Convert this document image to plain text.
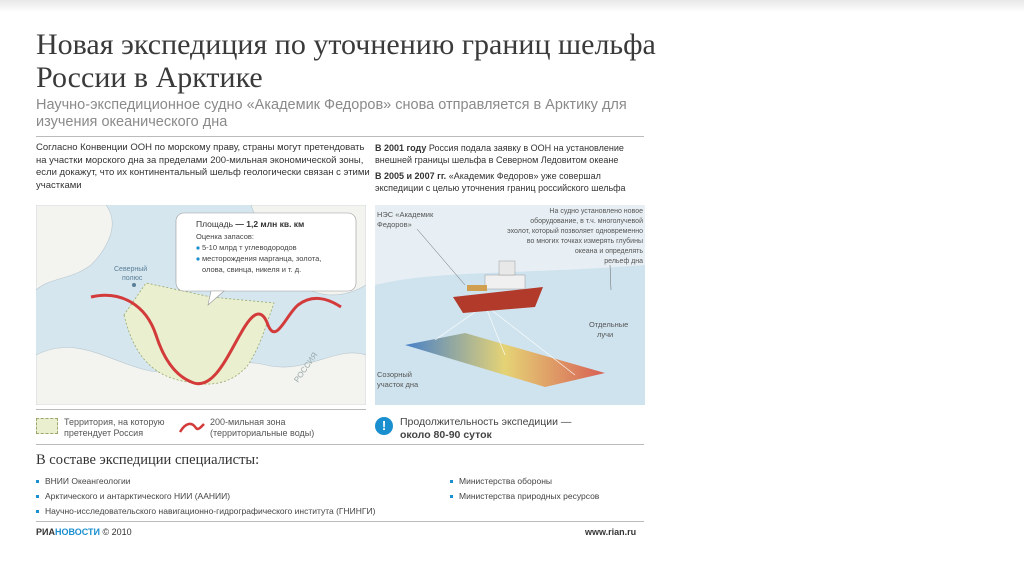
Новая экспедиция по уточнению границ шельфа России в Арктике
Научно-экспедиционное судно «Академик Федоров» снова отправляется в Арктику для изучения океанического дна
Согласно Конвенции ООН по морскому праву, страны могут претендовать на участки морского дна за пределами 200-мильная экономической зоны, если докажут, что их континентальный шельф геологически связан с этими участками
В 2001 году Россия подала заявку в ООН на установление внешней границы шельфа в Северном Ледовитом океане
В 2005 и 2007 гг. «Академик Федоров» уже совершал экспедиции с целью уточнения границ российского шельфа
Северный
полюс
РОССИЯ
Площадь — 1,2 млн кв. км
Оценка запасов:
5-10 млрд т углеводородов
месторождения марганца, золота,
олова, свинца, никеля и т. д.
НЭС «Академик
Федоров»
На судно установлено новое
оборудование, в т.ч. многолучевой
эхолот, который позволяет одновременно
во многих точках измерять глубины
океана и определять
рельеф дна
Отдельные
лучи
Созорный
участок дна
Территория, на которую
претендует Россия
200-мильная зона
(территориальные воды)	!	Продолжительность экспедиции —
около 80-90 суток
В составе экспедиции специалисты:
ВНИИ Океангеологии
Арктического и антарктического НИИ (ААНИИ)
Научно-исследовательского навигационно-гидрографического института (ГНИНГИ)
Министерства обороны
Министерства природных ресурсов
РИАНОВОСТИ © 2010	www.rian.ru
